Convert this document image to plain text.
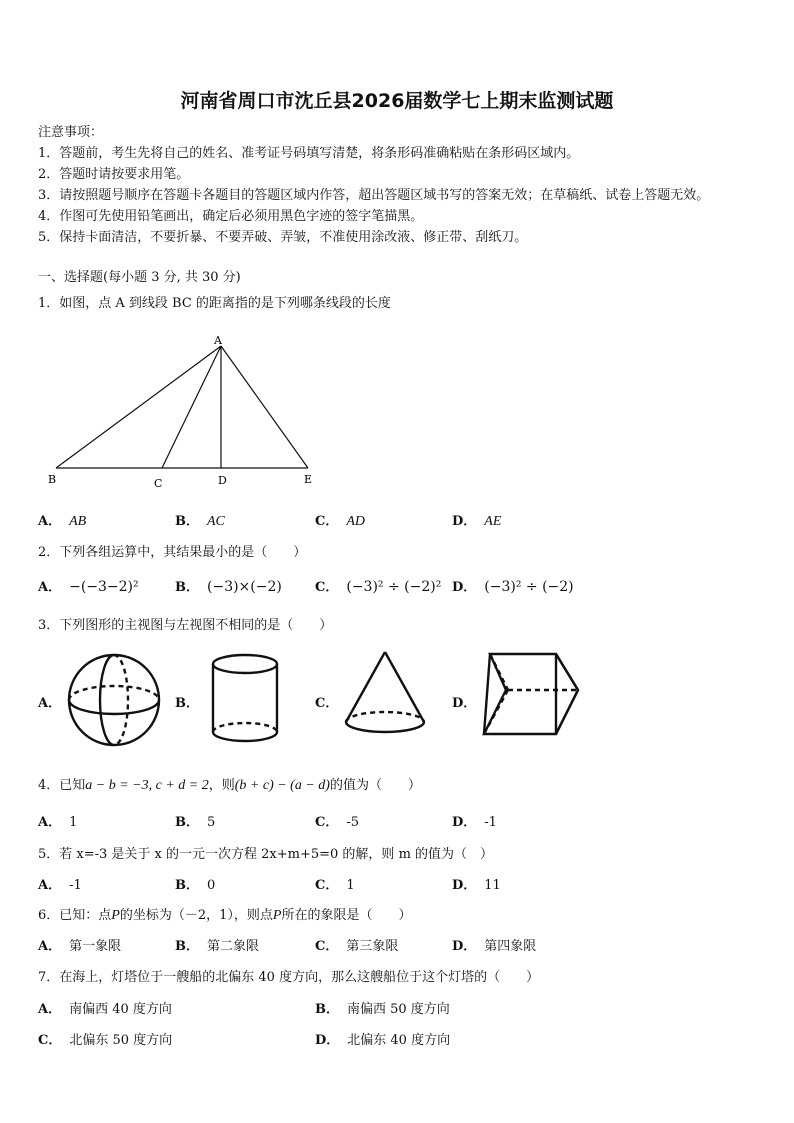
河南省周口市沈丘县2026届数学七上期末监测试题
注意事项：
1．答题前，考生先将自己的姓名、准考证号码填写清楚，将条形码准确粘贴在条形码区域内。
2．答题时请按要求用笔。
3．请按照题号顺序在答题卡各题目的答题区域内作答，超出答题区域书写的答案无效；在草稿纸、试卷上答题无效。
4．作图可先使用铅笔画出，确定后必须用黑色字迹的签字笔描黑。
5．保持卡面清洁，不要折暴、不要弄破、弄皱，不准使用涂改液、修正带、刮纸刀。
一、选择题(每小题 3 分, 共 30 分)
1．如图，点 A 到线段 BC 的距离指的是下列哪条线段的长度
A
B	C	D	E
A． AB	B． AC	C． AD	D． AE
2．下列各组运算中，其结果最小的是（　　）
A． −(−3−2)²	B． (−3)×(−2)	C． (−3)² ÷ (−2)² D． (−3)² ÷ (−2)
3．下列图形的主视图与左视图不相同的是（　　）
A．	B．	C．	D．
4．已知a − b = −3, c + d = 2，则(b + c) − (a − d)的值为（　　）
A． 1	B． 5	C． -5	D． -1
5．若 x=-3 是关于 x 的一元一次方程 2x+m+5=0 的解，则 m 的值为（　）
A． -1	B． 0	C． 1	D． 11
6．已知：点P的坐标为（－2，1），则点P所在的象限是（　　）
A． 第一象限	B． 第二象限	C． 第三象限	D． 第四象限
7．在海上，灯塔位于一艘船的北偏东 40 度方向，那么这艘船位于这个灯塔的（　　）
A． 南偏西 40 度方向	B． 南偏西 50 度方向
C． 北偏东 50 度方向	D． 北偏东 40 度方向
